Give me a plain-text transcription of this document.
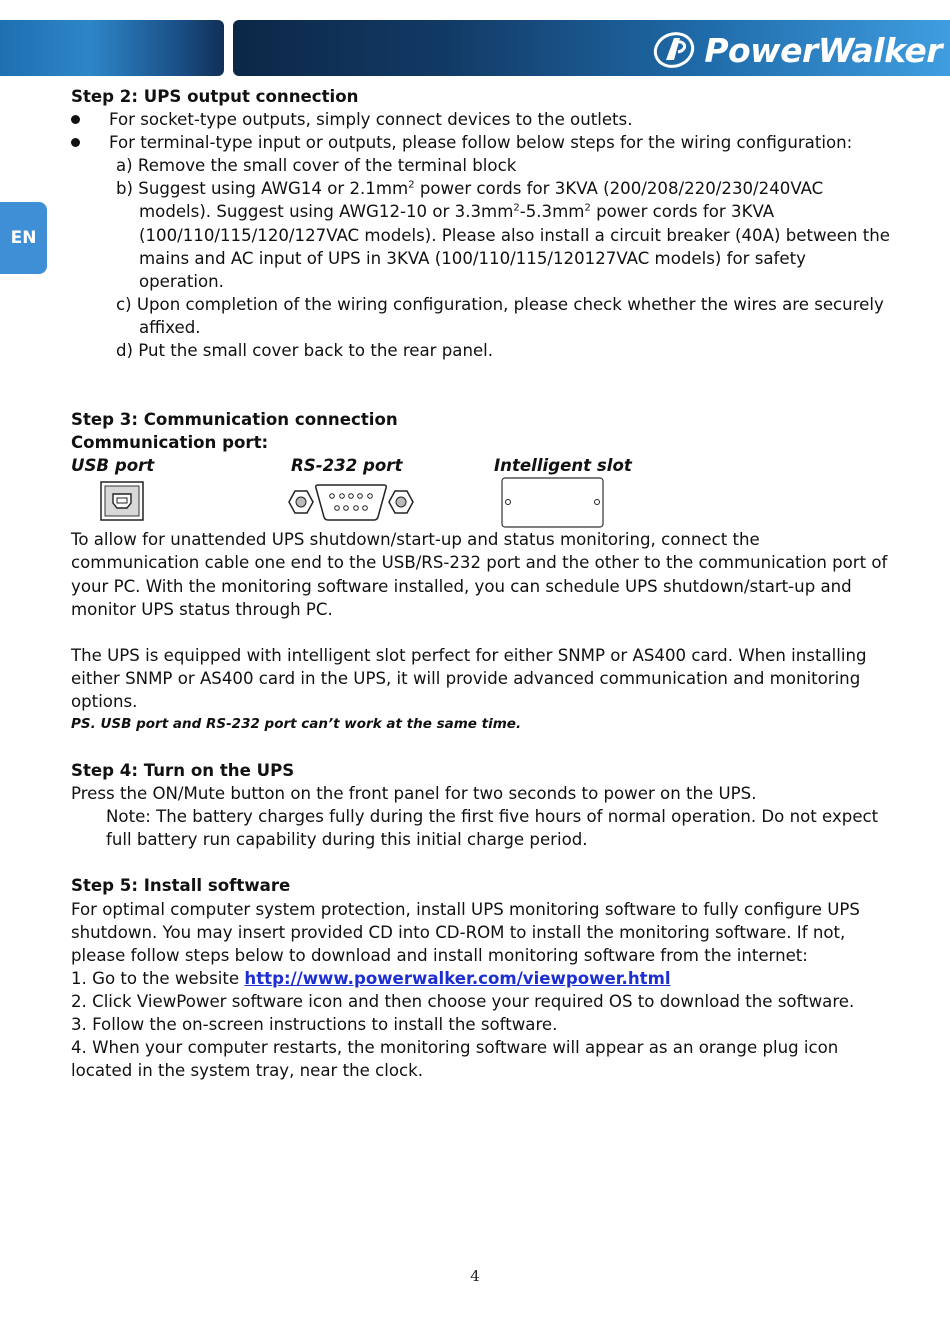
PowerWalker
EN

Step 2: UPS output connection

For socket-type outputs, simply connect devices to the outlets.

For terminal-type input or outputs, please follow below steps for the wiring configuration:

a) Remove the small cover of the terminal block

b) Suggest using AWG14 or $2.1mm^2$ power cords for 3KVA (200/208/220/230/240VAC models). Suggest using AWG12-10 or $3.3mm^2-5.3mm^2$ power cords for 3KVA (100/110/115/120/127VAC models). Please also install a circuit breaker (40A) between the mains and AC input of UPS in 3KVA (100/110/115/120127VAC models) for safety operation.

c) Upon completion of the wiring configuration, please check whether the wires are securely affixed.

d) Put the small cover back to the rear panel.

Step 3: Communication connection

Communication port:

USB port	RS-232 port	Intelligent slot

To allow for unattended UPS shutdown/start-up and status monitoring, connect the communication cable one end to the USB/RS-232 port and the other to the communication port of your PC. With the monitoring software installed, you can schedule UPS shutdown/start-up and monitor UPS status through PC.

The UPS is equipped with intelligent slot perfect for either SNMP or AS400 card. When installing either SNMP or AS400 card in the UPS, it will provide advanced communication and monitoring options.

PS. USB port and RS-232 port can’t work at the same time.

Step 4: Turn on the UPS

Press the ON/Mute button on the front panel for two seconds to power on the UPS.

Note: The battery charges fully during the first five hours of normal operation. Do not expect full battery run capability during this initial charge period.

Step 5: Install software

For optimal computer system protection, install UPS monitoring software to fully configure UPS shutdown. You may insert provided CD into CD-ROM to install the monitoring software. If not, please follow steps below to download and install monitoring software from the internet:

1. Go to the website http://www.powerwalker.com/viewpower.html

2. Click ViewPower software icon and then choose your required OS to download the software.

3. Follow the on-screen instructions to install the software.

4. When your computer restarts, the monitoring software will appear as an orange plug icon located in the system tray, near the clock.

4
